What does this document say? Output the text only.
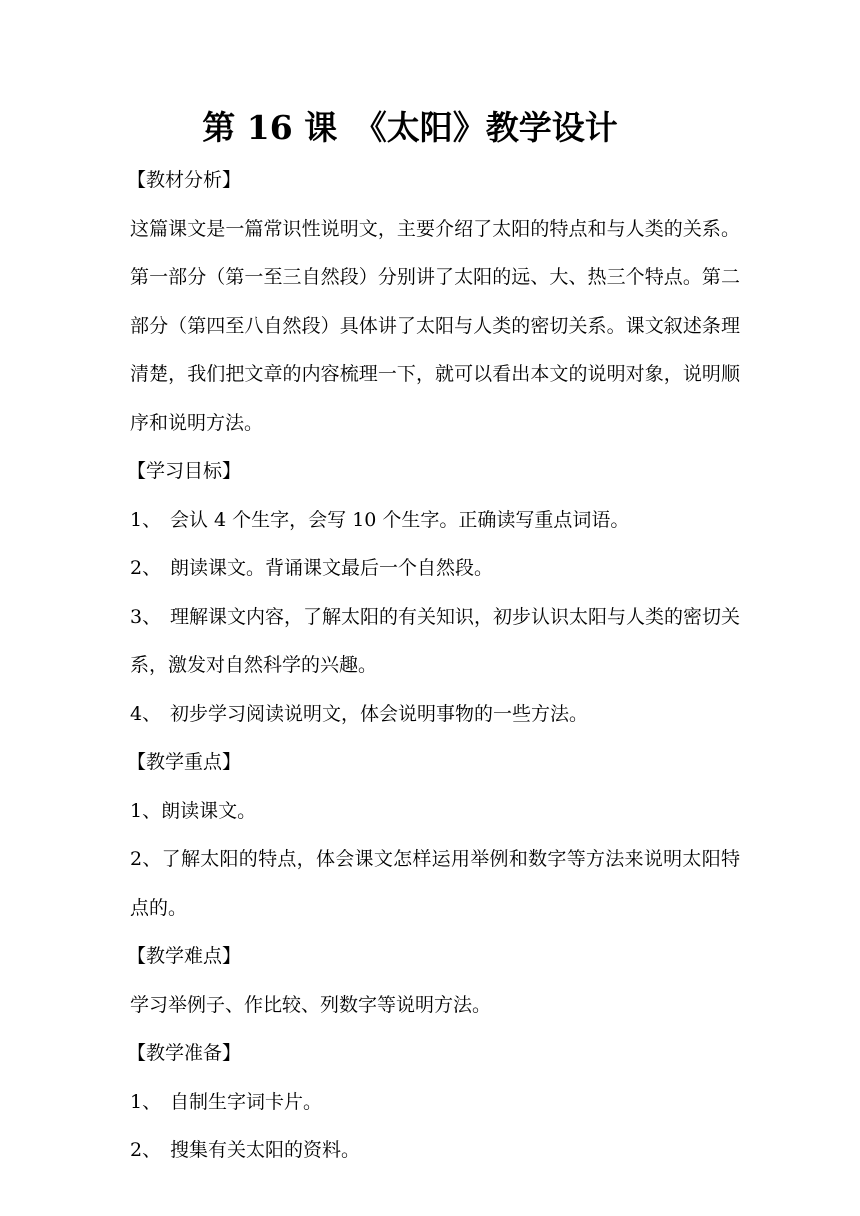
第 16 课　《太阳》教学设计

【教材分析】

这篇课文是一篇常识性说明文，主要介绍了太阳的特点和与人类的关系。第一部分（第一至三自然段）分别讲了太阳的远、大、热三个特点。第二部分（第四至八自然段）具体讲了太阳与人类的密切关系。课文叙述条理清楚，我们把文章的内容梳理一下，就可以看出本文的说明对象，说明顺序和说明方法。

【学习目标】

1、 会认 4 个生字，会写 10 个生字。正确读写重点词语。

2、 朗读课文。背诵课文最后一个自然段。

3、 理解课文内容，了解太阳的有关知识，初步认识太阳与人类的密切关系，激发对自然科学的兴趣。

4、 初步学习阅读说明文，体会说明事物的一些方法。

【教学重点】

1、朗读课文。

2、了解太阳的特点，体会课文怎样运用举例和数字等方法来说明太阳特点的。

【教学难点】

学习举例子、作比较、列数字等说明方法。

【教学准备】

1、 自制生字词卡片。

2、 搜集有关太阳的资料。
